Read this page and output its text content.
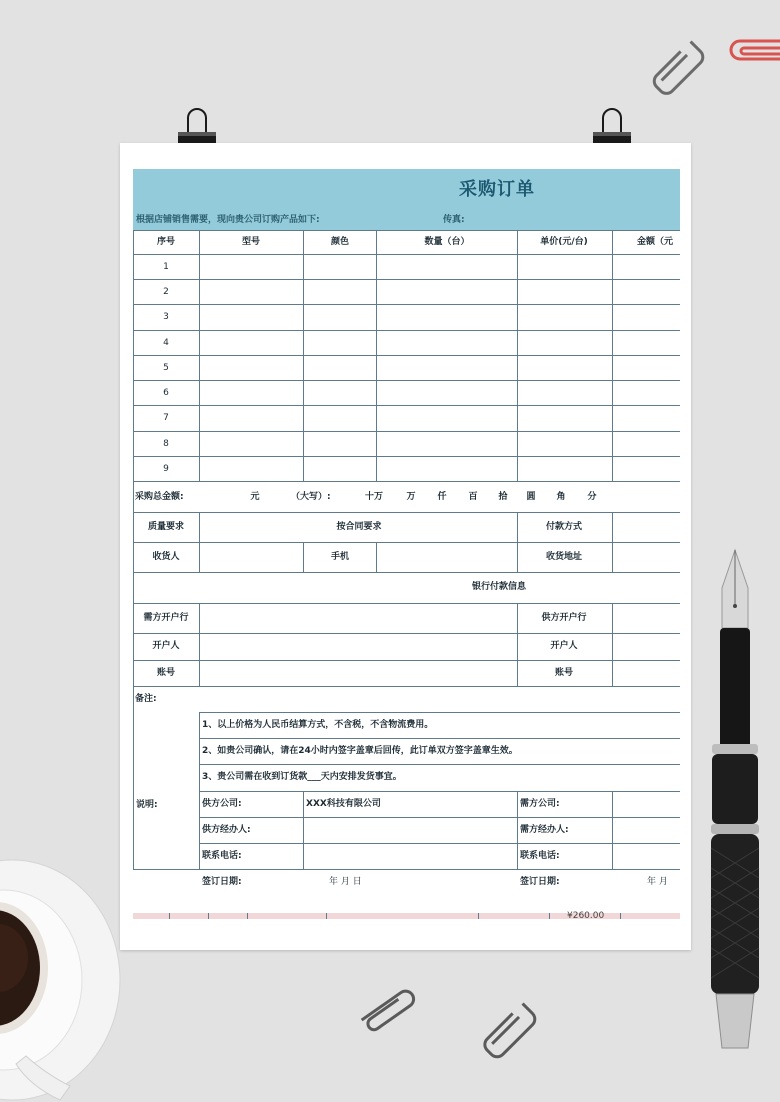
采购订单
根据店铺销售需要，现向贵公司订购产品如下:	传真:
序号	型号	颜色	数量（台）	单价(元/台)	金额（元
1
2
3
4
5
6
7
8
9
采购总金额:	元	（大写）:	十万	万 仟 百 拾 圆 角 分
质量要求	按合同要求	付款方式
收货人	手机	收货地址
银行付款信息
需方开户行	供方开户行
开户人	开户人
账号	账号
备注:
说明:
1、以上价格为人民币结算方式，不含税，不含物流费用。
2、如贵公司确认，请在24小时内签字盖章后回传，此订单双方签字盖章生效。
3、贵公司需在收到订货款___天内安排发货事宜。
供方公司:	XXX科技有限公司	需方公司:
供方经办人:	需方经办人:
联系电话:	联系电话:
签订日期:	年 月 日	签订日期:	年 月
¥260.00
